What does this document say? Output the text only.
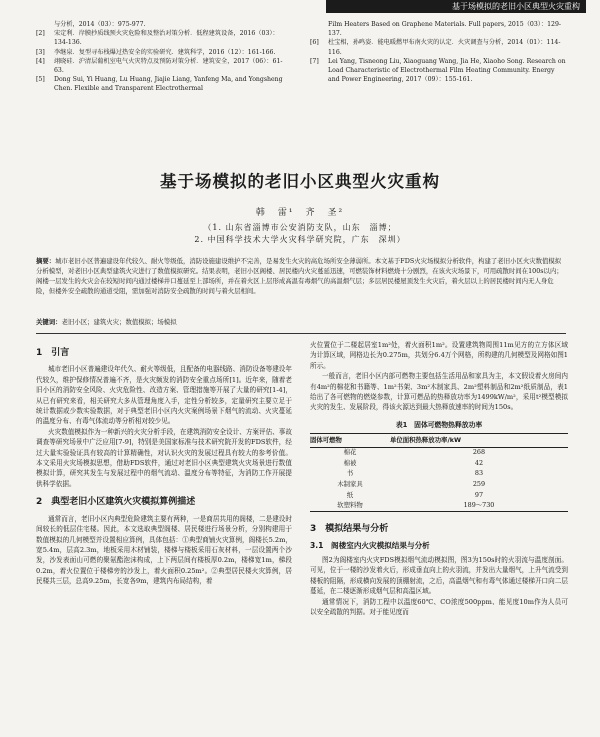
基于场模拟的老旧小区典型火灾重构
与分析，2014（03）：975-977.
[2]	宋定利．岸膜抄质线预火灾危险和及整治对策分析．低程建筑设备，2016（03）：134-136.
[3]	李继泉．复型寻布栈爆过热安全的实验研究．建筑科学，2016（12）：161-166.
[4]	翊晓硅．沪清层葡机室电气火灾特点及预防对策分析．建筑安全，2017（06）：61-63.
[5]	Dong Sui, Yi Huang, Lu Huang, Jiajie Liang, Yanfeng Ma, and Yongsheng Chen. Flexible and Transparent Electrothermal
Film Heaters Based on Graphene Materials. Full papers, 2015（03）：129-137.
[6]	杜宝相，孙鸣姿．能电暖燃甲布南火灾的认定．火灾调查与分析，2014（01）：114-116.
[7]	Lei Yang, Tisneong Liu, Xiaoguang Wang, Jia He, Xiaoho Song. Research on Load Characteristic of Electrothermal Film Heating Community. Energy and Power Engineering, 2017（09）：155-161.
基于场模拟的老旧小区典型火灾重构
韩　雷¹　齐　圣²
（1. 山东省淄博市公安消防支队，山东　淄博；
2. 中国科学技术大学火灾科学研究院，广东　深圳）
摘要：城市老旧小区普遍建设年代较久、耐火等级低，消防设施建设维护不完善，是易发生火灾的高危场所安全薄弱所。本文基于FDS火灾场模拟分析软件，构建了老旧小区火灾数值模拟分析模型，对老旧小区典型建筑火灾进行了数值模拟研究。结果表明，老旧小区阁楼、居民楼内火灾蔓延迅速，可燃装饰材料燃烧十分剧烈，在该火灾场景下，可用疏散时间在100s以内；阁楼一层发生的火灾会在较短时间内通过楼梯井口蔓延至上部场所，并在着火区上层形成高温有毒烟气的高温烟气层；多层居民楼屋顶发生火灾后，着火层以上的居民楼时间内无人身危险，但楼外安全疏散的通道受阻，需加强对消防安全疏散的时间与着火层相间。
关键词：老旧小区；建筑火灾；数值模拟；场模拟
1　引言

城市老旧小区普遍建设年代久、耐火等级低，且配备的电器线路、消防设备等建设年代较久，维护保修情况普遍不齐，是火灾频发的消防安全重点场所[1]。近年来，随着老旧小区的消防安全风险、火灾危险性、改造方案、管理措施等开展了大量的研究[1-4]，从已有研究来看，相关研究大多从管理角度入手，定性分析较多，定量研究主要立足于统计数据或少数实验数据，对于典型老旧小区内火灾案例场景下烟气的流动、火灾蔓延的温度分布、有毒气体流动等分析相对较少见。

火灾数值模拟作为一种新兴的火灾分析手段，在建筑消防安全设计、方案评估、事故调查等研究场景中广泛应用[7-9]，特别是美国家标准与技术研究院开发的FDS软件，经过大量实验验证具有较高的计算精确性，对认识火灾的发展过程具有较大的参考价值。本文采用火灾场模拟思想，借助FDS软件，通过对老旧小区典型建筑火灾场景进行数值模拟计算，研究其发生与发展过程中的烟气流动、温度分布等特征，为消防工作开展提供科学依据。

2　典型老旧小区建筑火灾模拟算例描述

通常而言，老旧小区内典型危险建筑主要有两种，一是商居共用的阁楼，二是建设时间较长的低层住宅楼。因此，本文选取典型阁楼、居民楼进行场景分析，分别构建用于数值模拟的几何模型并设置相应算例，具体包括：①典型商铺火灾算例，阁楼长5.2m，宽5.4m，层高2.3m，地板采用木材铺装，楼梯与楼板采用石灰材料，一层设置两个沙发，沙发表面山可燃的聚氨酯泡沫构成，上下两层间有楼板厚0.2m，楼梯宽1m，梯段0.2m，着火位置位于楼梯旁的沙发上，着火面积0.25m²。②典型居民楼火灾算例，居民楼共三层，总高9.25m，长宽各9m，建筑内布局结构，着

火位置位于二楼起居室1m²处，着火面积1m²。设置建筑物周围11m见方的立方体区域为计算区域，网格边长为0.275m，共划分6.4万个网格，所构建的几何模型及网格如图1所示。

一般而言，老旧小区内部可燃物主要包括生活用品和家具为主，本文假设着火房间内有4m²的棉花和书籍等、1m²书架、3m²木制家具、2m²塑料制品和2m²纸质制品，表1给出了各可燃物的燃烧参数，计算可燃品的热释放功率为1499kW/m²，采用t²模型模拟火灾的发生、发展阶段，得该火源达到最大热释放速率的时间为150s。

表1　固体可燃物热释放功率
固体可燃物	单位面积热释放功率/kW
棉花	268
棉被	42
书	83
木制家具	259
纸	97
软塑料物	189～730
3　模拟结果与分析
3.1　阁楼室内火灾模拟结果与分析

图2为阁楼室内火灾FDS模拟烟气流动模拟图，图3为150s时的火羽流与温度剖面。可见，位于一楼的沙发着火后，形成垂直向上的火羽流，并发出大量烟气，上升气流受到楼板的阻隔，形成横向发展的顶棚射流，之后，高温烟气和有毒气体通过楼梯开口向二层蔓延，在二楼逐渐形成烟气层和高温区域。

通常情况下，消防工程中以温度60℃、CO浓度500ppm、能见度10m作为人员可以安全疏散的判据。对于能见度而
